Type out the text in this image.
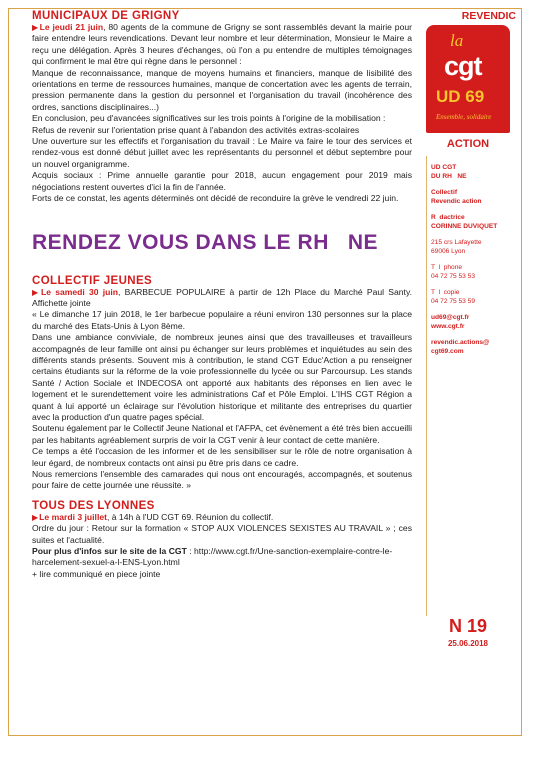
MUNICIPAUX DE GRIGNY

▶Le jeudi 21 juin, 80 agents de la commune de Grigny se sont rassemblés devant la mairie pour faire entendre leurs revendications. Devant leur nombre et leur détermination, Monsieur le Maire a reçu une délégation. Après 3 heures d'échanges, où l'on a pu entendre de multiples témoignages qui confirment le mal être qui règne dans le personnel :

Manque de reconnaissance, manque de moyens humains et financiers, manque de lisibilité des orientations en terme de ressources humaines, manque de concertation avec les agents de terrain, pression permanente dans la gestion du personnel et l'organisation du travail (incohérence des ordres, sanctions disciplinaires...)

En conclusion, peu d'avancées significatives sur les trois points à l'origine de la mobilisation :

Refus de revenir sur l'orientation prise quant à l'abandon des activités extras-scolaires

Une ouverture sur les effectifs et l'organisation du travail : Le Maire va faire le tour des services et rendez-vous est donné début juillet avec les représentants du personnel et début septembre pour un nouvel organigramme.

Acquis sociaux : Prime annuelle garantie pour 2018, aucun engagement pour 2019 mais négociations restent ouvertes d'ici la fin de l'année.

Forts de ce constat, les agents déterminés ont décidé de reconduire la grève le vendredi 22 juin.

RENDEZ VOUS DANS LE RH   NE

COLLECTIF JEUNES

▶Le samedi 30 juin, BARBECUE POPULAIRE à partir de 12h Place du Marché Paul Santy. Affichette jointe

« Le dimanche 17 juin 2018, le 1er barbecue populaire a réuni environ 130 personnes sur la place du marché des Etats-Unis à Lyon 8ème.

Dans une ambiance conviviale, de nombreux jeunes ainsi que des travailleuses et travailleurs accompagnés de leur famille ont ainsi pu échanger sur leurs problèmes et inquiétudes au sein des différents stands présents. Souvent mis à contribution, le stand CGT Educ'Action a pu renseigner certains étudiants sur la réforme de la voie professionnelle du lycée ou sur Parcoursup. Les stands Santé / Action Sociale et INDECOSA ont apporté aux habitants des réponses en lien avec le logement et le surendettement voire les administrations Caf et Pôle Emploi. L'IHS CGT Région a quant à lui apporté un éclairage sur l'évolution historique et militante des entreprises du quartier avec la production d'un quatre pages spécial.

Soutenu également par le Collectif Jeune National et l'AFPA, cet évènement a été très bien accueilli par les habitants agréablement surpris de voir la CGT venir à leur contact de cette manière.

Ce temps a été l'occasion de les informer et de les sensibiliser sur le rôle de notre organisation à leur égard, de nombreux contacts ont ainsi pu être pris dans ce cadre.

Nous remercions l'ensemble des camarades qui nous ont encouragés, accompagnés, et soutenus pour faire de cette journée une réussite. »

TOUS DES LYONNES

▶Le mardi 3 juillet, à 14h à l'UD CGT 69. Réunion du collectif.

Ordre du jour : Retour sur la formation « STOP AUX VIOLENCES SEXISTES AU TRAVAIL » ; ces suites et l'actualité.

Pour plus d'infos sur le site de la CGT : http://www.cgt.fr/Une-sanction-exemplaire-contre-le-harcelement-sexuel-a-l-ENS-Lyon.html

+ lire communiqué en piece jointe

REVENDIC

la
cgt
UD 69
Ensemble, solidaire

ACTION

UD CGT

DU RH   NE

Collectif

Revendic action

R  dactrice

CORINNE DUVIQUET

215 crs Lafayette

69006 Lyon

T  l  phone

04 72 75 53 53

T  l  copie

04 72 75 53 59

ud69@cgt.fr

www.cgt.fr

revendic.actions@

cgt69.com

N 19

25.06.2018
